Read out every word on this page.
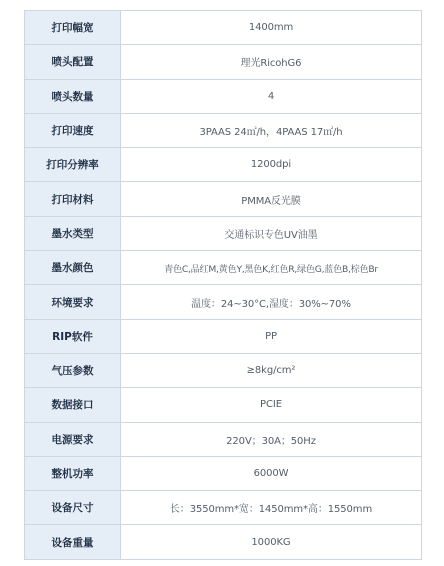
打印幅宽	1400mm
喷头配置	理光RicohG6
喷头数量	4
打印速度	3PAAS 24㎡/h，4PAAS 17㎡/h
打印分辨率	1200dpi
打印材料	PMMA反光膜
墨水类型	交通标识专色UV油墨
墨水颜色	青色C,品红M,黄色Y,黑色K,红色R,绿色G,蓝色B,棕色Br
环境要求	温度：24~30°C,湿度：30%~70%
RIP软件	PP
气压参数	≥8kg/cm²
数据接口	PCIE
电源要求	220V；30A；50Hz
整机功率	6000W
设备尺寸	长：3550mm*宽：1450mm*高：1550mm
设备重量	1000KG
